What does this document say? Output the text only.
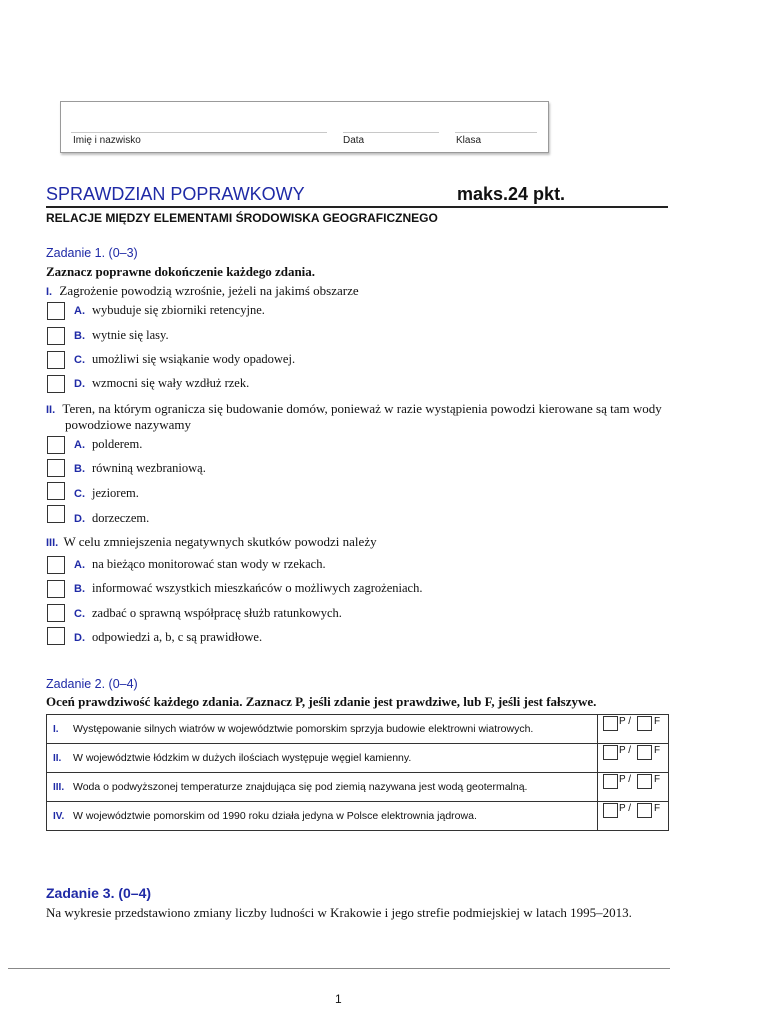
Imię i nazwisko	Data	Klasa
SPRAWDZIAN POPRAWKOWY	maks.24 pkt.
RELACJE MIĘDZY ELEMENTAMI ŚRODOWISKA GEOGRAFICZNEGO
Zadanie 1. (0–3)
Zaznacz poprawne dokończenie każdego zdania.
I. Zagrożenie powodzią wzrośnie, jeżeli na jakimś obszarze
A. wybuduje się zbiorniki retencyjne.
B. wytnie się lasy.
C. umożliwi się wsiąkanie wody opadowej.
D. wzmocni się wały wzdłuż rzek.
II. Teren, na którym ogranicza się budowanie domów, ponieważ w razie wystąpienia powodzi kierowane są tam wody
powodziowe nazywamy
A. polderem.
B. równiną wezbraniową.
C. jeziorem.
D. dorzeczem.
III. W celu zmniejszenia negatywnych skutków powodzi należy
A. na bieżąco monitorować stan wody w rzekach.
B. informować wszystkich mieszkańców o możliwych zagrożeniach.
C. zadbać o sprawną współpracę służb ratunkowych.
D. odpowiedzi a, b, c są prawidłowe.
Zadanie 2. (0–4)
Oceń prawdziwość każdego zdania. Zaznacz P, jeśli zdanie jest prawdziwe, lub F, jeśli jest fałszywe.
I. Występowanie silnych wiatrów w województwie pomorskim sprzyja budowie elektrowni wiatrowych.	P / F

II. W województwie łódzkim w dużych ilościach występuje węgiel kamienny.	P / F

III. Woda o podwyższonej temperaturze znajdująca się pod ziemią nazywana jest wodą geotermalną.	P / F

IV. W województwie pomorskim od 1990 roku działa jedyna w Polsce elektrownia jądrowa.	P / F
Zadanie 3. (0–4)
Na wykresie przedstawiono zmiany liczby ludności w Krakowie i jego strefie podmiejskiej w latach 1995–2013.
1
